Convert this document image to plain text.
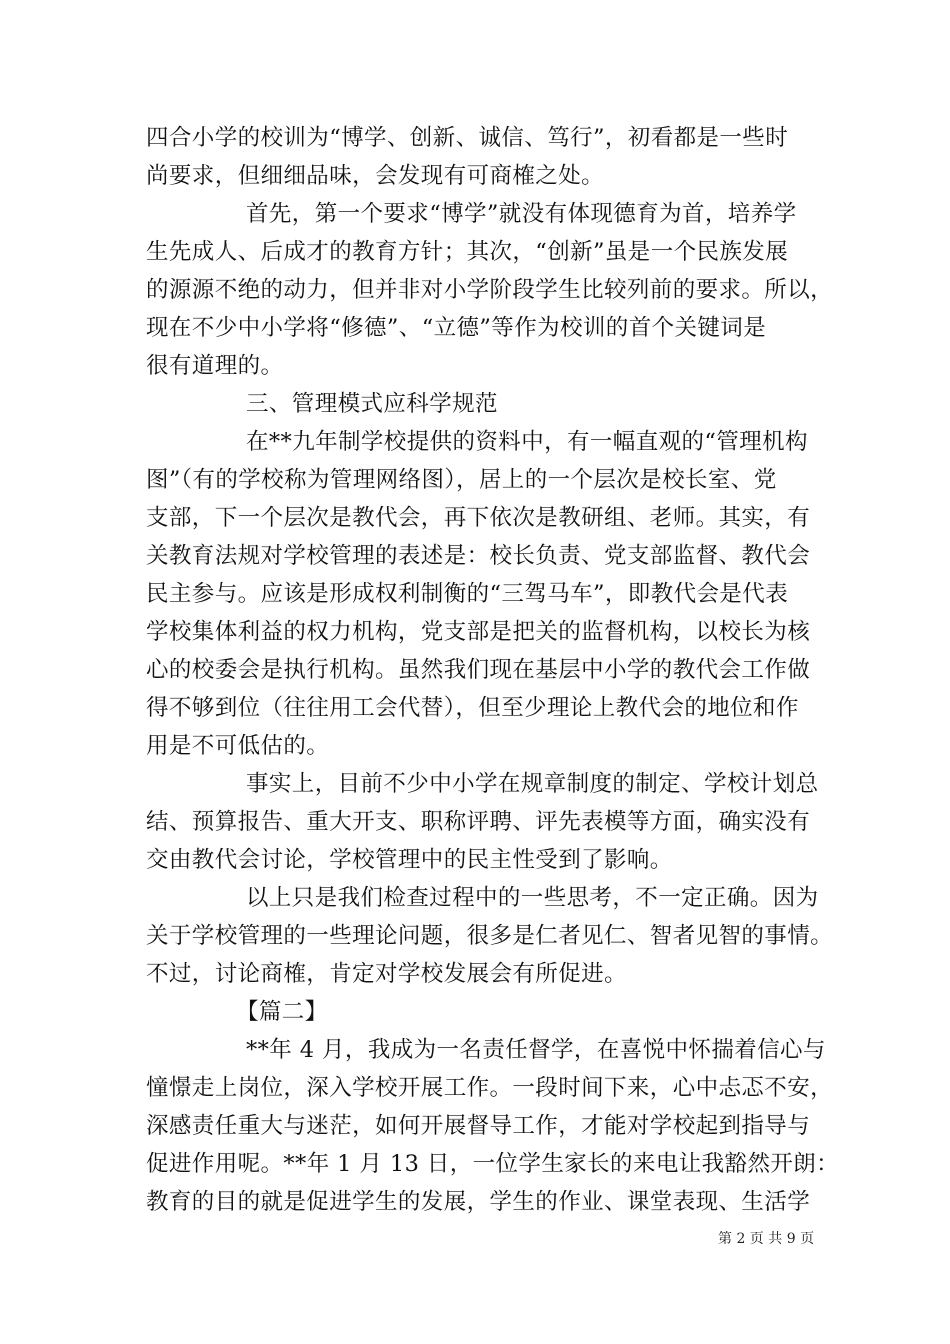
四合小学的校训为“博学、创新、诚信、笃行”，初看都是一些时
尚要求，但细细品味，会发现有可商榷之处。
首先，第一个要求“博学”就没有体现德育为首，培养学
生先成人、后成才的教育方针；其次，“创新”虽是一个民族发展
的源源不绝的动力，但并非对小学阶段学生比较列前的要求。所以，
现在不少中小学将“修德”、“立德”等作为校训的首个关键词是
很有道理的。
三、管理模式应科学规范
在**九年制学校提供的资料中，有一幅直观的“管理机构
图”（有的学校称为管理网络图），居上的一个层次是校长室、党
支部，下一个层次是教代会，再下依次是教研组、老师。其实，有
关教育法规对学校管理的表述是：校长负责、党支部监督、教代会
民主参与。应该是形成权利制衡的“三驾马车”，即教代会是代表
学校集体利益的权力机构，党支部是把关的监督机构，以校长为核
心的校委会是执行机构。虽然我们现在基层中小学的教代会工作做
得不够到位（往往用工会代替），但至少理论上教代会的地位和作
用是不可低估的。
事实上，目前不少中小学在规章制度的制定、学校计划总
结、预算报告、重大开支、职称评聘、评先表模等方面，确实没有
交由教代会讨论，学校管理中的民主性受到了影响。
以上只是我们检查过程中的一些思考，不一定正确。因为
关于学校管理的一些理论问题，很多是仁者见仁、智者见智的事情。
不过，讨论商榷，肯定对学校发展会有所促进。
【篇二】
**年 4 月，我成为一名责任督学，在喜悦中怀揣着信心与
憧憬走上岗位，深入学校开展工作。一段时间下来，心中忐忑不安，
深感责任重大与迷茫，如何开展督导工作，才能对学校起到指导与
促进作用呢。**年 1 月 13 日，一位学生家长的来电让我豁然开朗：
教育的目的就是促进学生的发展，学生的作业、课堂表现、生活学
第 2 页 共 9 页
